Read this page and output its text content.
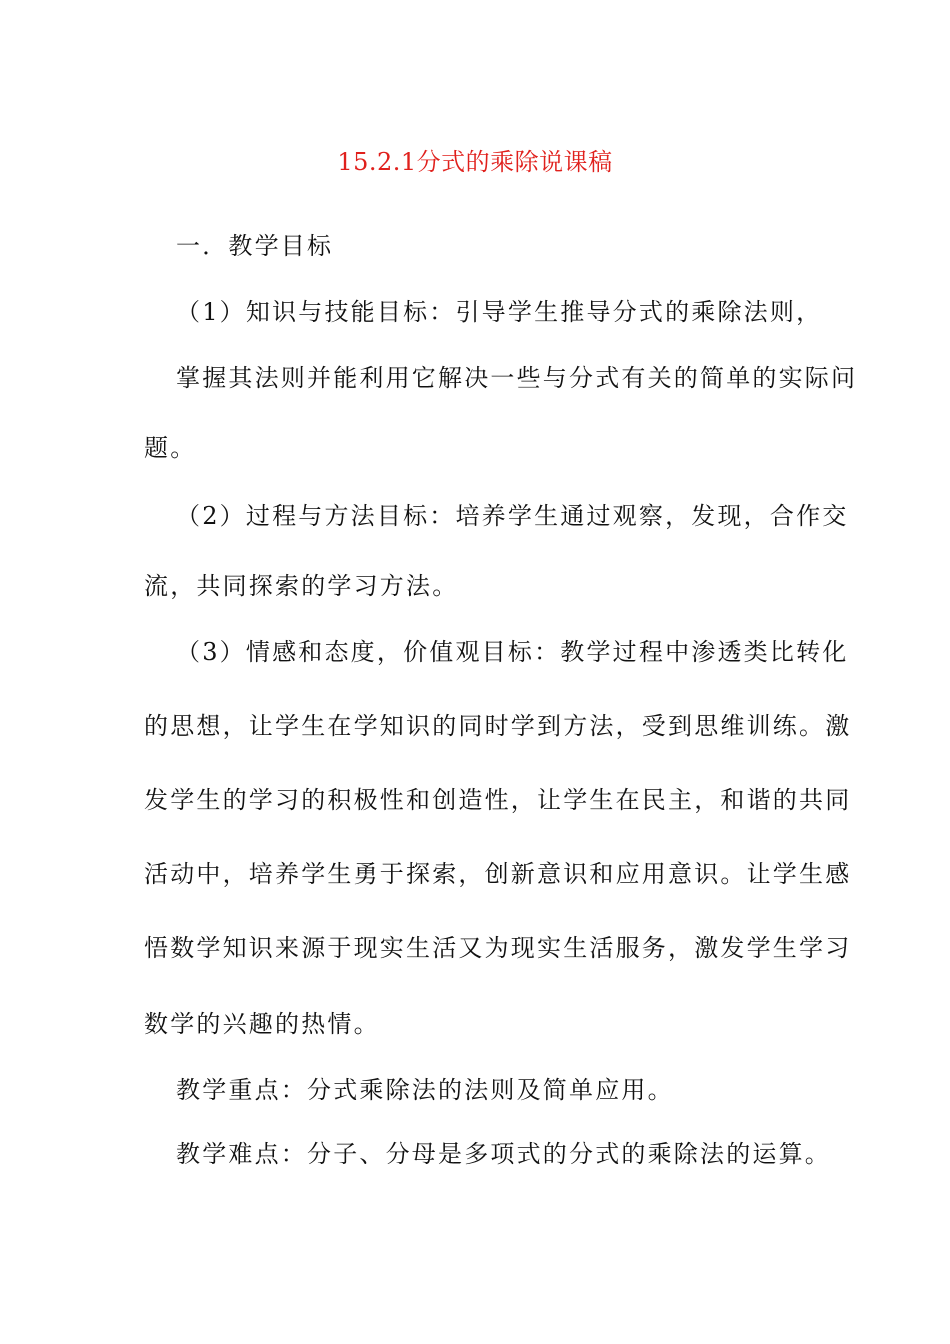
15.2.1分式的乘除说课稿
一．教学目标
（1）知识与技能目标：引导学生推导分式的乘除法则，
掌握其法则并能利用它解决一些与分式有关的简单的实际问
题。
（2）过程与方法目标：培养学生通过观察，发现，合作交
流，共同探索的学习方法。
（3）情感和态度，价值观目标：教学过程中渗透类比转化
的思想，让学生在学知识的同时学到方法，受到思维训练。激
发学生的学习的积极性和创造性，让学生在民主，和谐的共同
活动中，培养学生勇于探索，创新意识和应用意识。让学生感
悟数学知识来源于现实生活又为现实生活服务，激发学生学习
数学的兴趣的热情。
教学重点：分式乘除法的法则及简单应用。
教学难点：分子、分母是多项式的分式的乘除法的运算。
